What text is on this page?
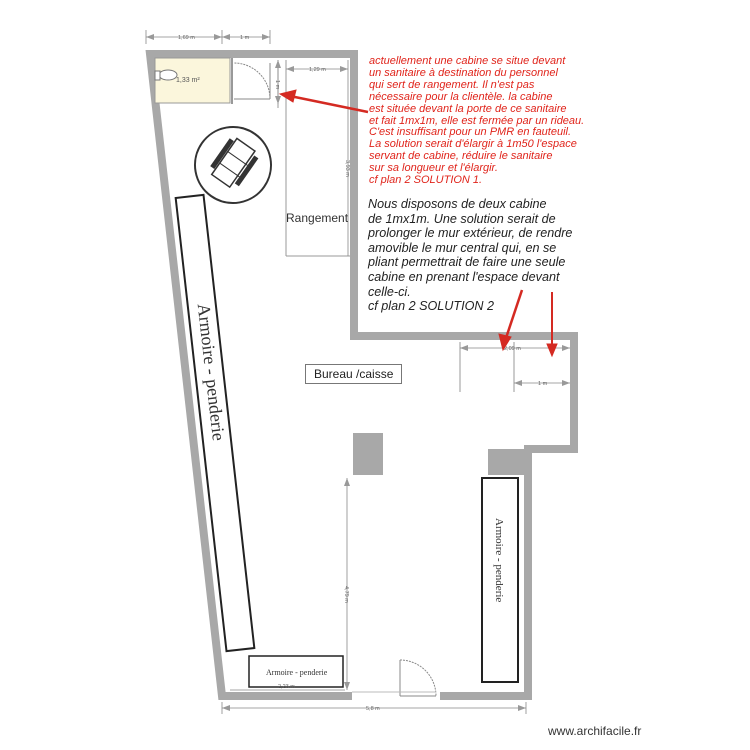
1,33 m²
Armoire - penderie
Armoire - penderie
Armoire - penderie
1,69 m	1 m
1,29 m
3,93 m
1 m
2,09 m
1 m
4,79 m
2,23 m
5,8 m
actuellement une cabine se situe devant
un sanitaire à destination du personnel
qui sert de rangement. Il n'est pas
nécessaire pour la clientèle. la cabine
est située devant la porte de ce sanitaire
et fait 1mx1m, elle est fermée par un rideau.
C'est insuffisant pour un PMR en fauteuil.
La solution serait d'élargir à 1m50 l'espace
servant de cabine, réduire le sanitaire
sur sa longueur et l'élargir.
cf plan 2 SOLUTION 1.
Nous disposons de deux cabine
de 1mx1m. Une solution serait de
prolonger le mur extérieur, de rendre
amovible le mur central qui, en se
pliant permettrait de faire une seule
cabine en prenant l'espace devant
celle-ci.
cf plan 2 SOLUTION 2
Rangement
Bureau /caisse
www.archifacile.fr
